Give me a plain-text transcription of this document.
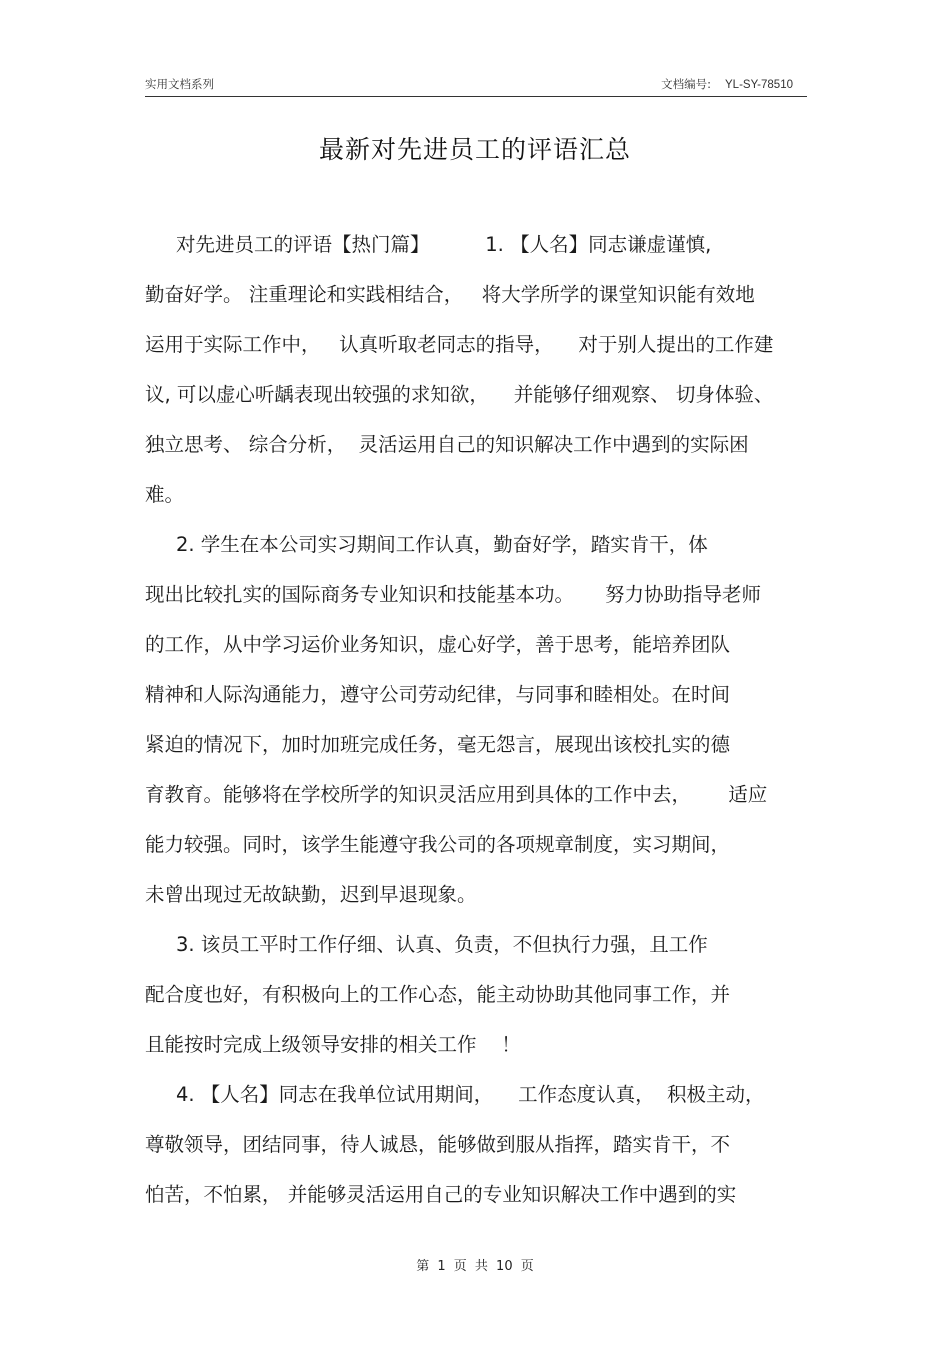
实用文档系列	文档编号: YL-SY-78510
最新对先进员工的评语汇总
对先进员工的评语【热门篇】         1. 【人名】同志谦虚谨慎,
勤奋好学。 注重理论和实践相结合，   将大学所学的课堂知识能有效地
运用于实际工作中，   认真听取老同志的指导，    对于别人提出的工作建
议, 可以虚心听龋表现出较强的求知欲，    并能够仔细观察、 切身体验、
独立思考、 综合分析，  灵活运用自己的知识解决工作中遇到的实际困
难。
2. 学生在本公司实习期间工作认真，勤奋好学，踏实肯干，体
现出比较扎实的国际商务专业知识和技能基本功。     努力协助指导老师
的工作，从中学习运价业务知识，虚心好学，善于思考，能培养团队
精神和人际沟通能力，遵守公司劳动纪律，与同事和睦相处。在时间
紧迫的情况下，加时加班完成任务，毫无怨言，展现出该校扎实的德
育教育。能够将在学校所学的知识灵活应用到具体的工作中去，      适应
能力较强。同时，该学生能遵守我公司的各项规章制度，实习期间，
未曾出现过无故缺勤，迟到早退现象。
3. 该员工平时工作仔细、认真、负责，不但执行力强，且工作
配合度也好，有积极向上的工作心态，能主动协助其他同事工作，并
且能按时完成上级领导安排的相关工作    ！
4. 【人名】同志在我单位试用期间，    工作态度认真，  积极主动，
尊敬领导，团结同事，待人诚恳，能够做到服从指挥，踏实肯干，不
怕苦，不怕累， 并能够灵活运用自己的专业知识解决工作中遇到的实
第 1 页 共 10 页
